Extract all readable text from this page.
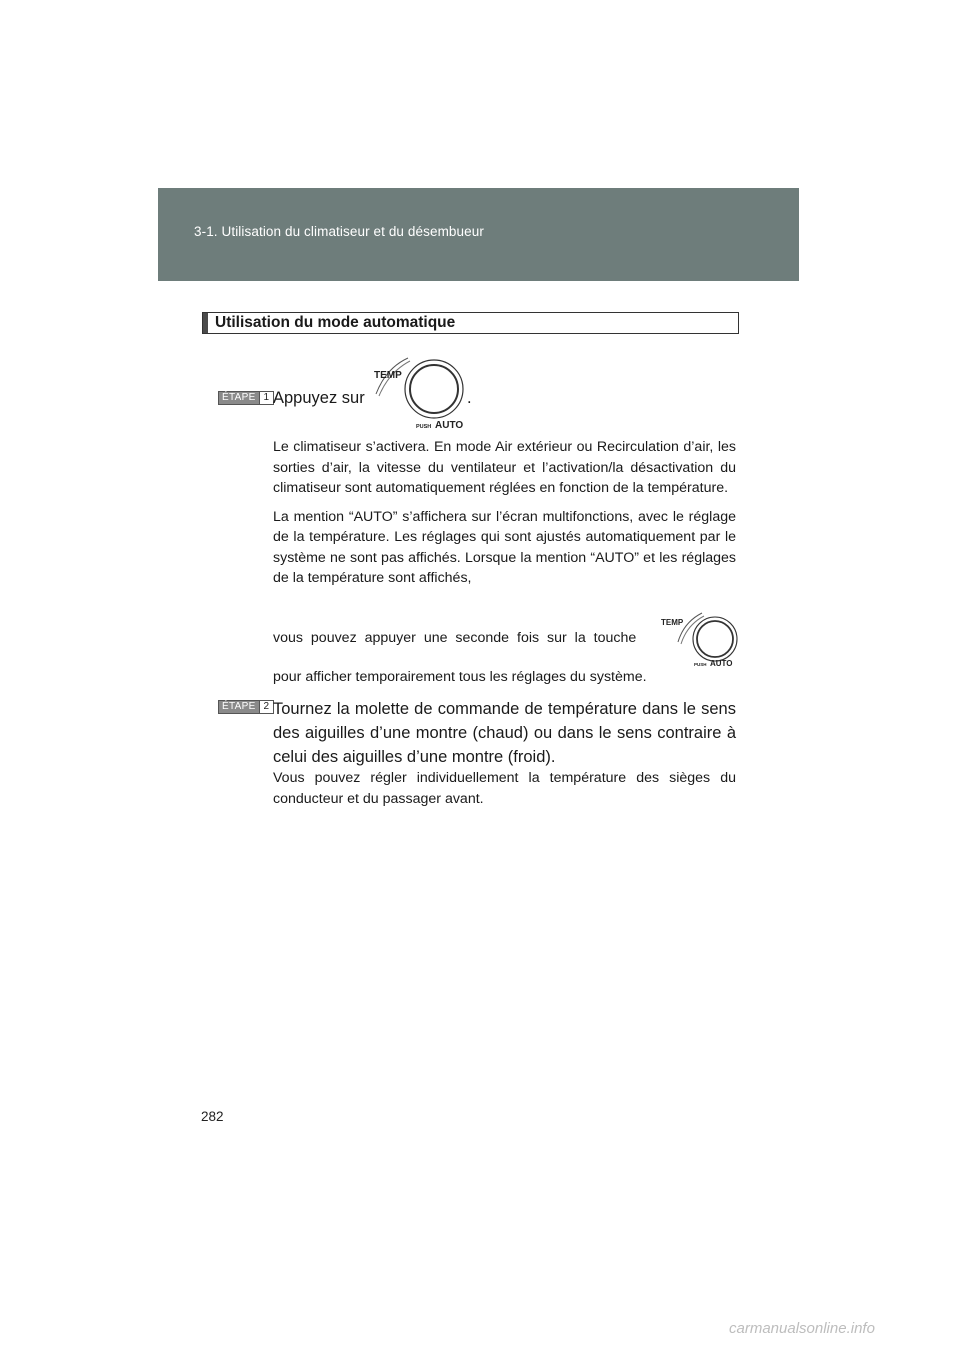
3-1. Utilisation du climatiseur et du désembueur
Utilisation du mode automatique
ÉTAPE 1 Appuyez sur
TEMP
PUSH AUTO
.

Le climatiseur s’activera. En mode Air extérieur ou Recirculation d’air, les sorties d’air, la vitesse du ventilateur et l’activation/la désactivation du climatiseur sont automatiquement réglées en fonction de la température.

La mention “AUTO” s’affichera sur l’écran multifonctions, avec le réglage de la température. Les réglages qui sont ajustés automatiquement par le système ne sont pas affichés. Lorsque la mention “AUTO” et les réglages de la température sont affichés,

vous pouvez appuyer une seconde fois sur la touche
TEMP
PUSH AUTO
pour afficher temporairement tous les réglages du système.
ÉTAPE 2 Tournez la molette de commande de température dans le sens des aiguilles d’une montre (chaud) ou dans le sens contraire à celui des aiguilles d’une montre (froid).
Vous pouvez régler individuellement la température des sièges du conducteur et du passager avant.
282
carmanualsonline.info
